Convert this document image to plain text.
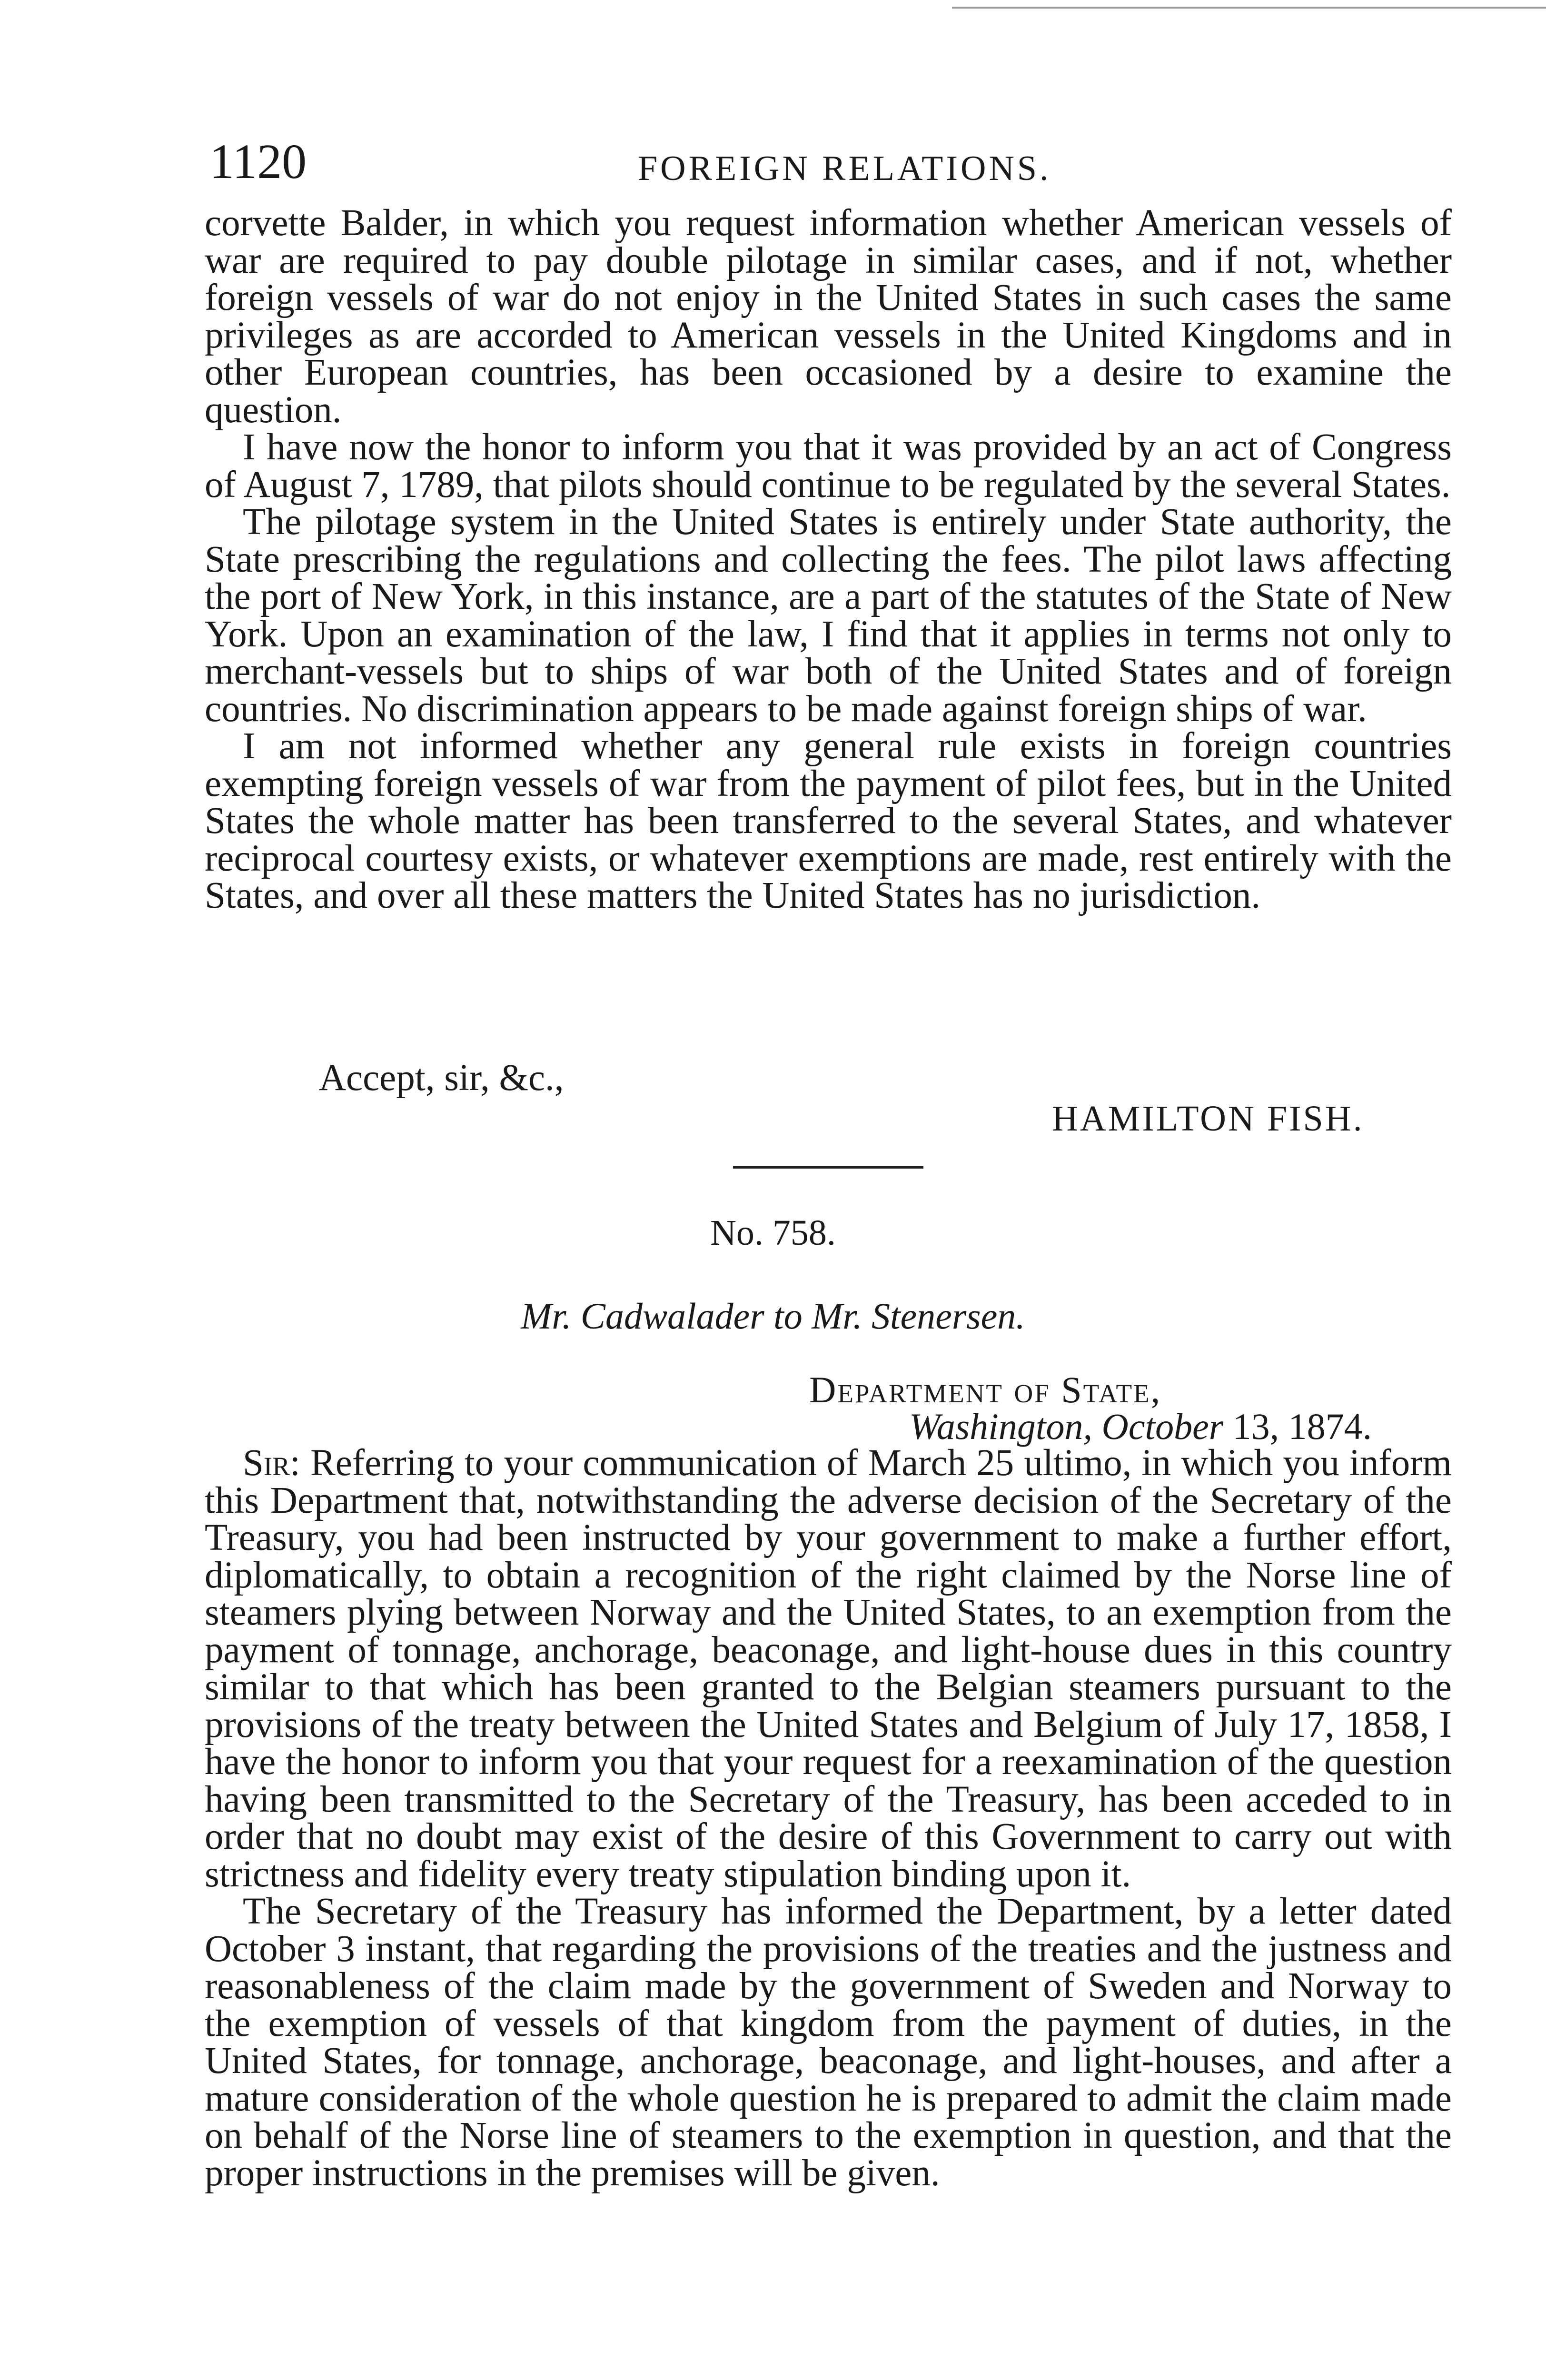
1120	FOREIGN RELATIONS.

corvette Balder, in which you request information whether American vessels of war are required to pay double pilotage in similar cases, and if not, whether foreign vessels of war do not enjoy in the United States in such cases the same privileges as are accorded to American vessels in the United Kingdoms and in other European countries, has been occasioned by a desire to examine the question.

I have now the honor to inform you that it was provided by an act of Congress of August 7, 1789, that pilots should continue to be regulated by the several States.

The pilotage system in the United States is entirely under State authority, the State prescribing the regulations and collecting the fees. The pilot laws affecting the port of New York, in this instance, are a part of the statutes of the State of New York. Upon an examination of the law, I find that it applies in terms not only to merchant-vessels but to ships of war both of the United States and of foreign countries. No discrimination appears to be made against foreign ships of war.

I am not informed whether any general rule exists in foreign countries exempting foreign vessels of war from the payment of pilot fees, but in the United States the whole matter has been transferred to the several States, and whatever reciprocal courtesy exists, or whatever exemptions are made, rest entirely with the States, and over all these matters the United States has no jurisdiction.

Accept, sir, &c.,
HAMILTON FISH.
No. 758.
Mr. Cadwalader to Mr. Stenersen.
Department of State,
Washington, October 13, 1874.

Sir: Referring to your communication of March 25 ultimo, in which you inform this Department that, notwithstanding the adverse decision of the Secretary of the Treasury, you had been instructed by your government to make a further effort, diplomatically, to obtain a recognition of the right claimed by the Norse line of steamers plying between Norway and the United States, to an exemption from the payment of tonnage, anchorage, beaconage, and light-house dues in this country similar to that which has been granted to the Belgian steamers pursuant to the provisions of the treaty between the United States and Belgium of July 17, 1858, I have the honor to inform you that your request for a reexamination of the question having been transmitted to the Secretary of the Treasury, has been acceded to in order that no doubt may exist of the desire of this Government to carry out with strictness and fidelity every treaty stipulation binding upon it.

The Secretary of the Treasury has informed the Department, by a letter dated October 3 instant, that regarding the provisions of the treaties and the justness and reasonableness of the claim made by the government of Sweden and Norway to the exemption of vessels of that kingdom from the payment of duties, in the United States, for tonnage, anchorage, beaconage, and light-houses, and after a mature consideration of the whole question he is prepared to admit the claim made on behalf of the Norse line of steamers to the exemption in question, and that the proper instructions in the premises will be given.
